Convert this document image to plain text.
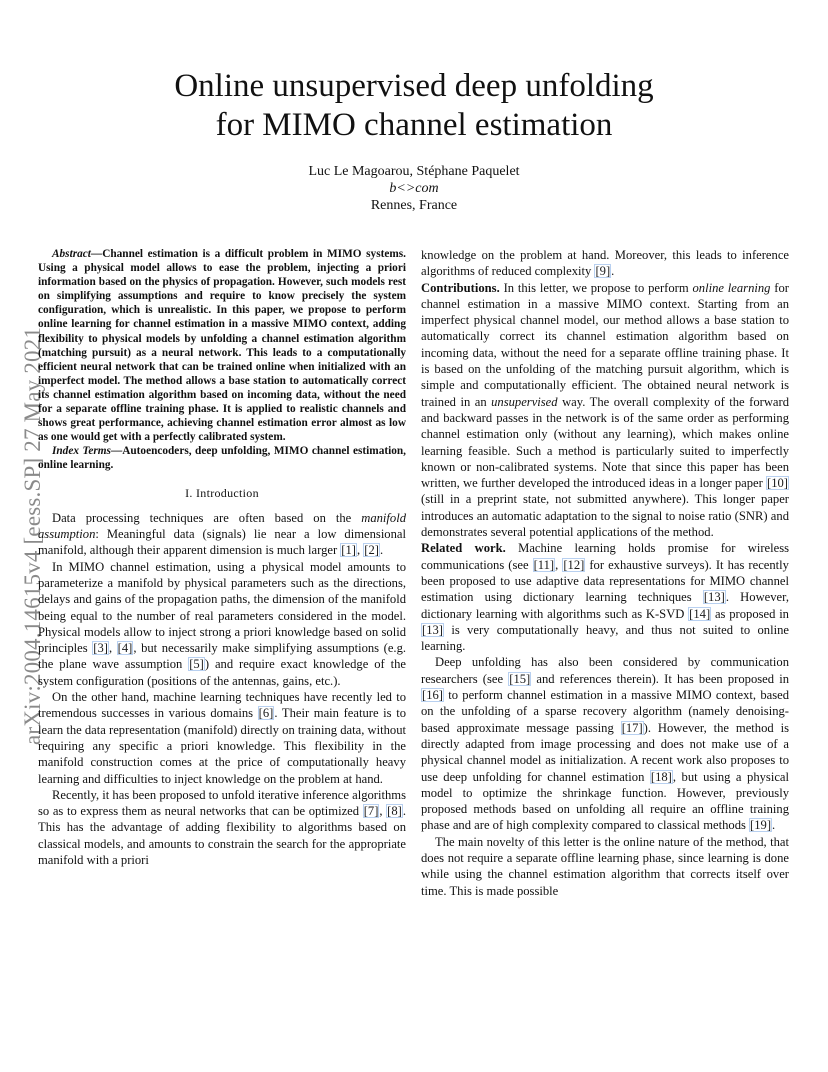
arXiv:2004.14615v4 [eess.SP] 27 May 2021
Online unsupervised deep unfolding
for MIMO channel estimation
Luc Le Magoarou, Stéphane Paquelet
b<>com
Rennes, France

Abstract—Channel estimation is a difficult problem in MIMO systems. Using a physical model allows to ease the problem, injecting a priori information based on the physics of propagation. However, such models rest on simplifying assumptions and require to know precisely the system configuration, which is unrealistic. In this paper, we propose to perform online learning for channel estimation in a massive MIMO context, adding flexibility to physical models by unfolding a channel estimation algorithm (matching pursuit) as a neural network. This leads to a computationally efficient neural network that can be trained online when initialized with an imperfect model. The method allows a base station to automatically correct its channel estimation algorithm based on incoming data, without the need for a separate offline training phase. It is applied to realistic channels and shows great performance, achieving channel estimation error almost as low as one would get with a perfectly calibrated system.

Index Terms—Autoencoders, deep unfolding, MIMO channel estimation, online learning.

I. Introduction

Data processing techniques are often based on the manifold assumption: Meaningful data (signals) lie near a low dimensional manifold, although their apparent dimension is much larger [1], [2].

In MIMO channel estimation, using a physical model amounts to parameterize a manifold by physical parameters such as the directions, delays and gains of the propagation paths, the dimension of the manifold being equal to the number of real parameters considered in the model. Physical models allow to inject strong a priori knowledge based on solid principles [3], [4], but necessarily make simplifying assumptions (e.g. the plane wave assumption [5]) and require exact knowledge of the system configuration (positions of the antennas, gains, etc.).

On the other hand, machine learning techniques have recently led to tremendous successes in various domains [6]. Their main feature is to learn the data representation (manifold) directly on training data, without requiring any specific a priori knowledge. This flexibility in the manifold construction comes at the price of computationally heavy learning and difficulties to inject knowledge on the problem at hand.

Recently, it has been proposed to unfold iterative inference algorithms so as to express them as neural networks that can be optimized [7], [8]. This has the advantage of adding flexibility to algorithms based on classical models, and amounts to constrain the search for the appropriate manifold with a priori

knowledge on the problem at hand. Moreover, this leads to inference algorithms of reduced complexity [9].

Contributions. In this letter, we propose to perform online learning for channel estimation in a massive MIMO context. Starting from an imperfect physical channel model, our method allows a base station to automatically correct its channel estimation algorithm based on incoming data, without the need for a separate offline training phase. It is based on the unfolding of the matching pursuit algorithm, which is simple and computationally efficient. The obtained neural network is trained in an unsupervised way. The overall complexity of the forward and backward passes in the network is of the same order as performing channel estimation only (without any learning), which makes online learning feasible. Such a method is particularly suited to imperfectly known or non-calibrated systems. Note that since this paper has been written, we further developed the introduced ideas in a longer paper [10] (still in a preprint state, not submitted anywhere). This longer paper introduces an automatic adaptation to the signal to noise ratio (SNR) and demonstrates several potential applications of the method.

Related work. Machine learning holds promise for wireless communications (see [11], [12] for exhaustive surveys). It has recently been proposed to use adaptive data representations for MIMO channel estimation using dictionary learning techniques [13]. However, dictionary learning with algorithms such as K-SVD [14] as proposed in [13] is very computationally heavy, and thus not suited to online learning.

Deep unfolding has also been considered by communication researchers (see [15] and references therein). It has been proposed in [16] to perform channel estimation in a massive MIMO context, based on the unfolding of a sparse recovery algorithm (namely denoising-based approximate message passing [17]). However, the method is directly adapted from image processing and does not make use of a physical channel model as initialization. A recent work also proposes to use deep unfolding for channel estimation [18], but using a physical model to optimize the shrinkage function. However, previously proposed methods based on unfolding all require an offline training phase and are of high complexity compared to classical methods [19].

The main novelty of this letter is the online nature of the method, that does not require a separate offline learning phase, since learning is done while using the channel estimation algorithm that corrects itself over time. This is made possible
